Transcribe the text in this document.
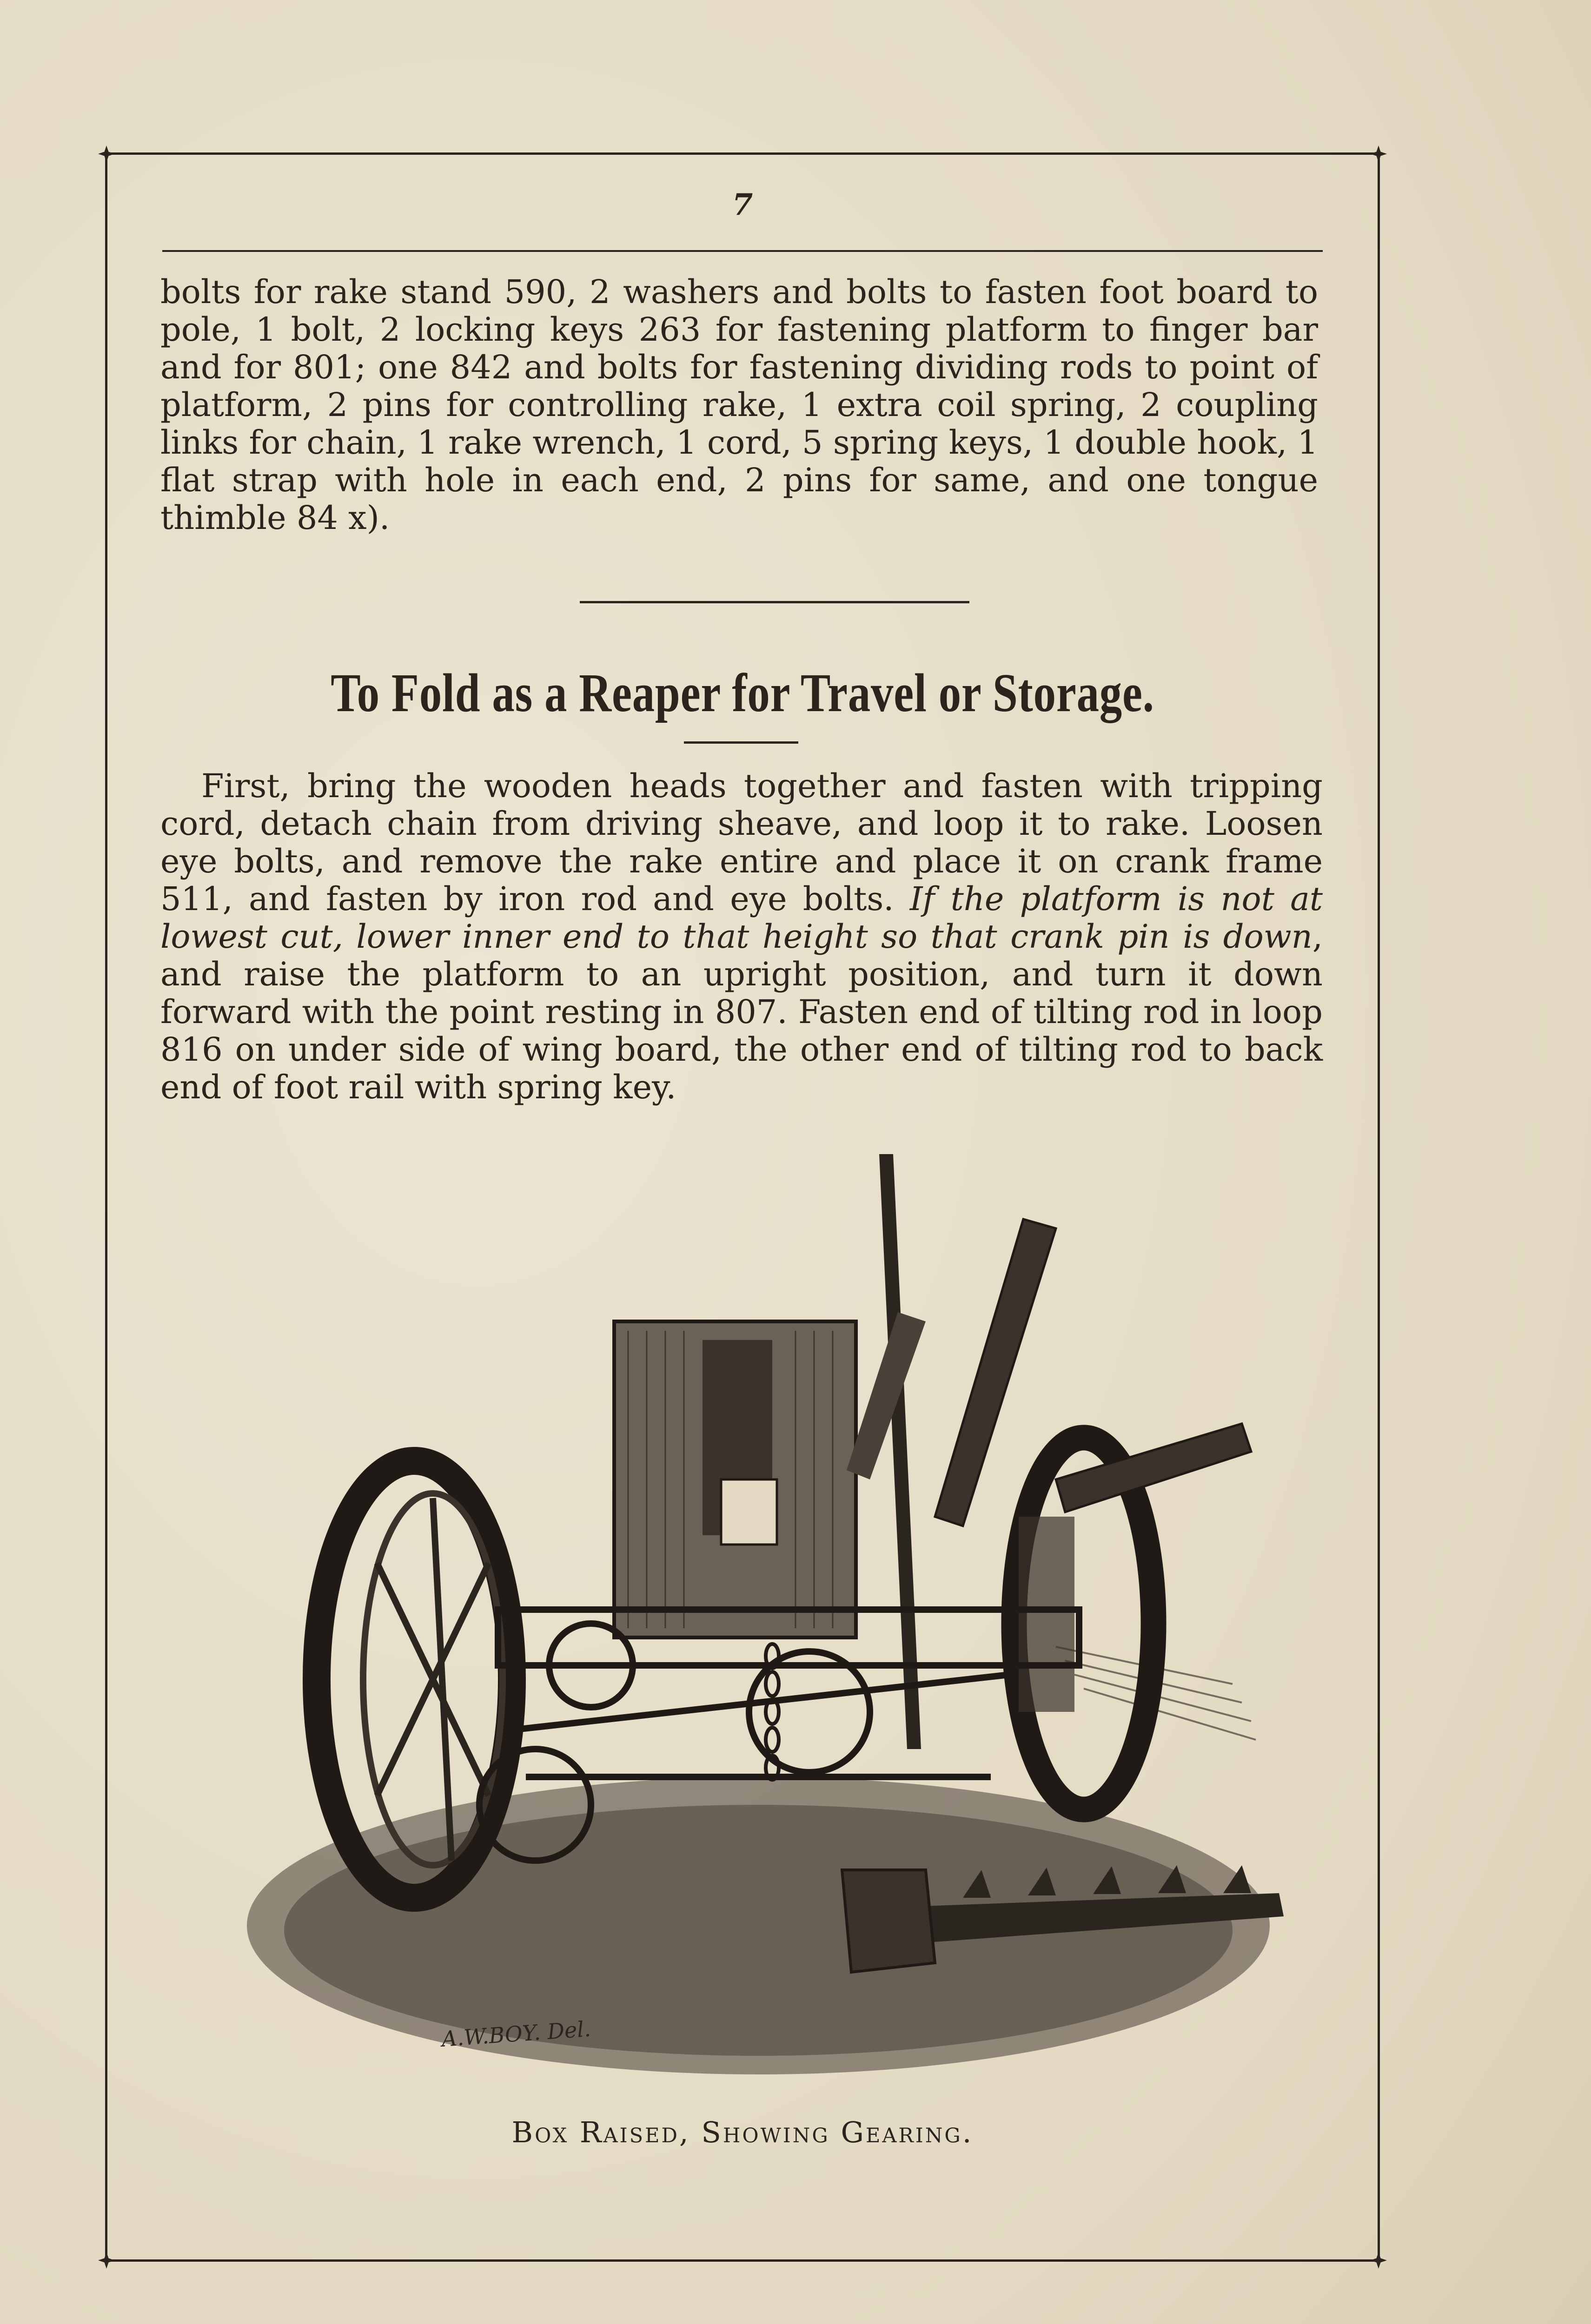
7
bolts for rake stand 590, 2 washers and bolts to fasten foot board to pole, 1 bolt, 2 locking keys 263 for fastening platform to finger bar and for 801; one 842 and bolts for fastening dividing rods to point of platform, 2 pins for controlling rake, 1 extra coil spring, 2 coupling links for chain, 1 rake wrench, 1 cord, 5 spring keys, 1 double hook, 1 flat strap with hole in each end, 2 pins for same, and one tongue thimble 84 x).
To Fold as a Reaper for Travel or Storage.

First, bring the wooden heads together and fasten with tripping cord, detach chain from driving sheave, and loop it to rake. Loosen eye bolts, and remove the rake entire and place it on crank frame 511, and fasten by iron rod and eye bolts. If the platform is not at lowest cut, lower inner end to that height so that crank pin is down, and raise the platform to an upright position, and turn it down forward with the point resting in 807. Fasten end of tilting rod in loop 816 on under side of wing board, the other end of tilting rod to back end of foot rail with spring key.

A.W.BOY. Del.
Box Raised, Showing Gearing.
